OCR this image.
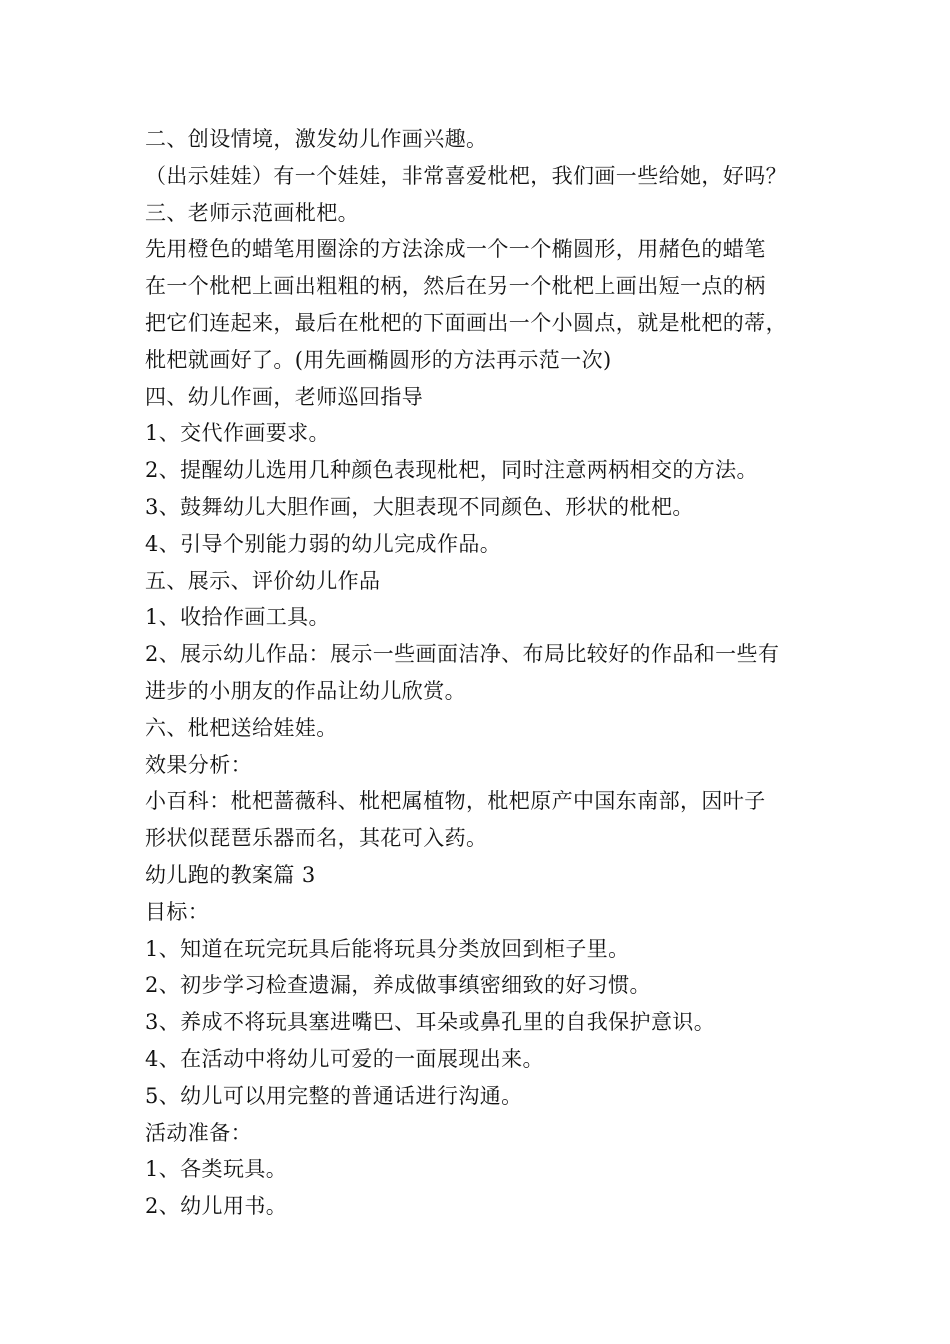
二、创设情境，激发幼儿作画兴趣。
（出示娃娃）有一个娃娃，非常喜爱枇杷，我们画一些给她，好吗？
三、老师示范画枇杷。
先用橙色的蜡笔用圈涂的方法涂成一个一个椭圆形，用赭色的蜡笔
在一个枇杷上画出粗粗的柄，然后在另一个枇杷上画出短一点的柄
把它们连起来，最后在枇杷的下面画出一个小圆点，就是枇杷的蒂，
枇杷就画好了。(用先画椭圆形的方法再示范一次)
四、幼儿作画，老师巡回指导
1、交代作画要求。
2、提醒幼儿选用几种颜色表现枇杷，同时注意两柄相交的方法。
3、鼓舞幼儿大胆作画，大胆表现不同颜色、形状的枇杷。
4、引导个别能力弱的幼儿完成作品。
五、展示、评价幼儿作品
1、收拾作画工具。
2、展示幼儿作品：展示一些画面洁净、布局比较好的作品和一些有
进步的小朋友的作品让幼儿欣赏。
六、枇杷送给娃娃。
效果分析：
小百科：枇杷蔷薇科、枇杷属植物，枇杷原产中国东南部，因叶子
形状似琵琶乐器而名，其花可入药。
幼儿跑的教案篇 3
目标：
1、知道在玩完玩具后能将玩具分类放回到柜子里。
2、初步学习检查遗漏，养成做事缜密细致的好习惯。
3、养成不将玩具塞进嘴巴、耳朵或鼻孔里的自我保护意识。
4、在活动中将幼儿可爱的一面展现出来。
5、幼儿可以用完整的普通话进行沟通。
活动准备：
1、各类玩具。
2、幼儿用书。
